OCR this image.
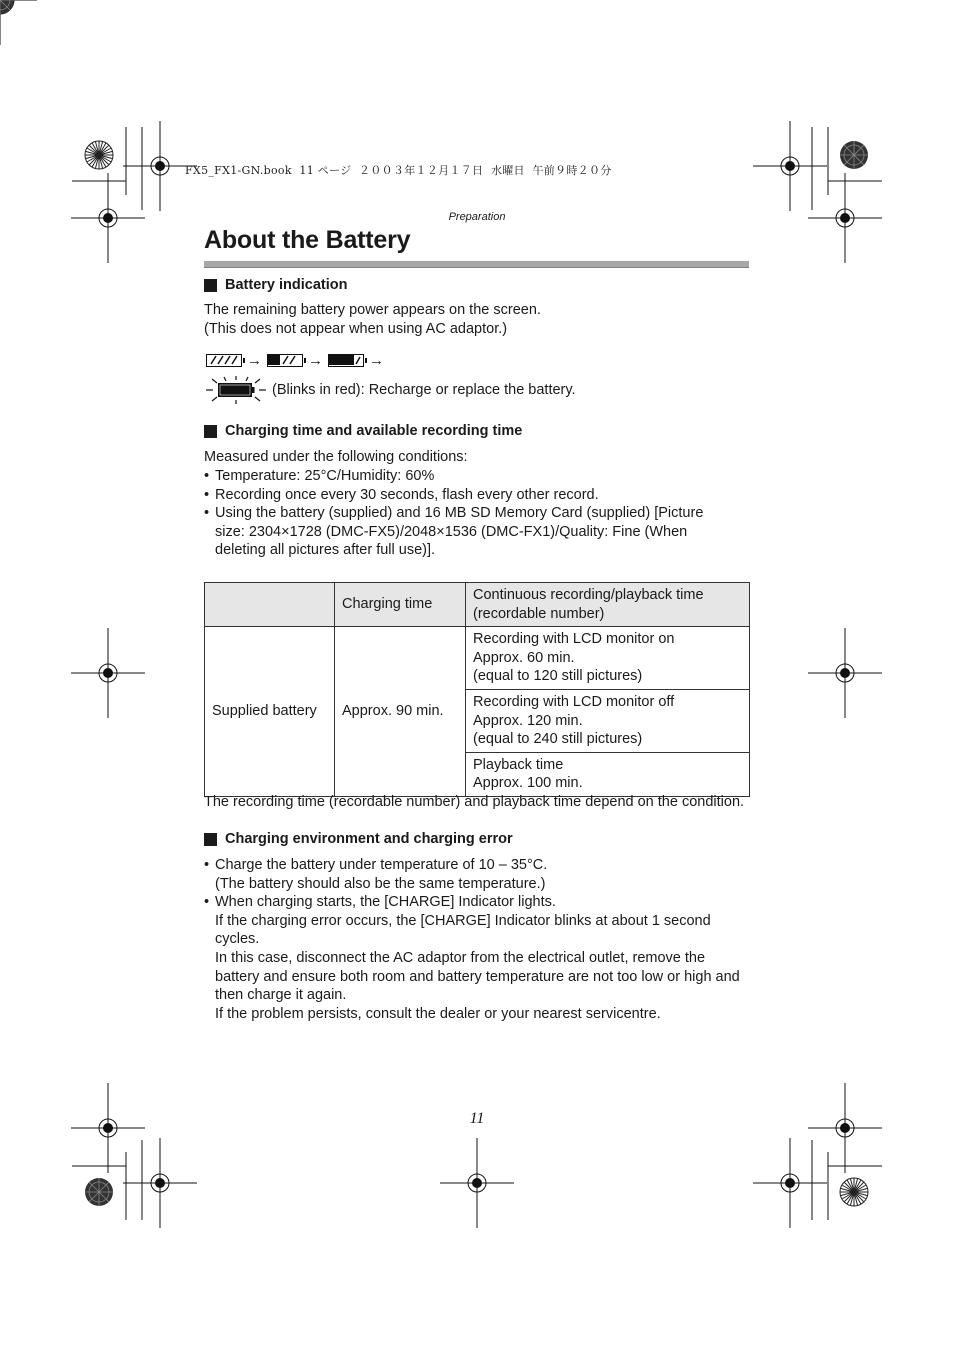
FX5_FX1-GN.book  11 ページ  ２００３年１２月１７日  水曜日  午前９時２０分
Preparation
About the Battery
Battery indication
The remaining battery power appears on the screen.
(This does not appear when using AC adaptor.)
→	→	→
(Blinks in red): Recharge or replace the battery.
Charging time and available recording time
Measured under the following conditions:
• Temperature: 25°C/Humidity: 60%
• Recording once every 30 seconds, flash every other record.
• Using the battery (supplied) and 16 MB SD Memory Card (supplied) [Picture size: 2304×1728 (DMC-FX5)/2048×1536 (DMC-FX1)/Quality: Fine (When deleting all pictures after full use)].
	Charging time	Continuous recording/playback time
(recordable number)

Supplied battery	Approx. 90 min.	Recording with LCD monitor on
Approx. 60 min.
(equal to 120 still pictures)

		Recording with LCD monitor off
Approx. 120 min.
(equal to 240 still pictures)

		Playback time
Approx. 100 min.
The recording time (recordable number) and playback time depend on the condition.
Charging environment and charging error
• Charge the battery under temperature of 10 – 35°C.
(The battery should also be the same temperature.)
• When charging starts, the [CHARGE] Indicator lights.
If the charging error occurs, the [CHARGE] Indicator blinks at about 1 second cycles.
In this case, disconnect the AC adaptor from the electrical outlet, remove the battery and ensure both room and battery temperature are not too low or high and then charge it again.
If the problem persists, consult the dealer or your nearest servicentre.
11
